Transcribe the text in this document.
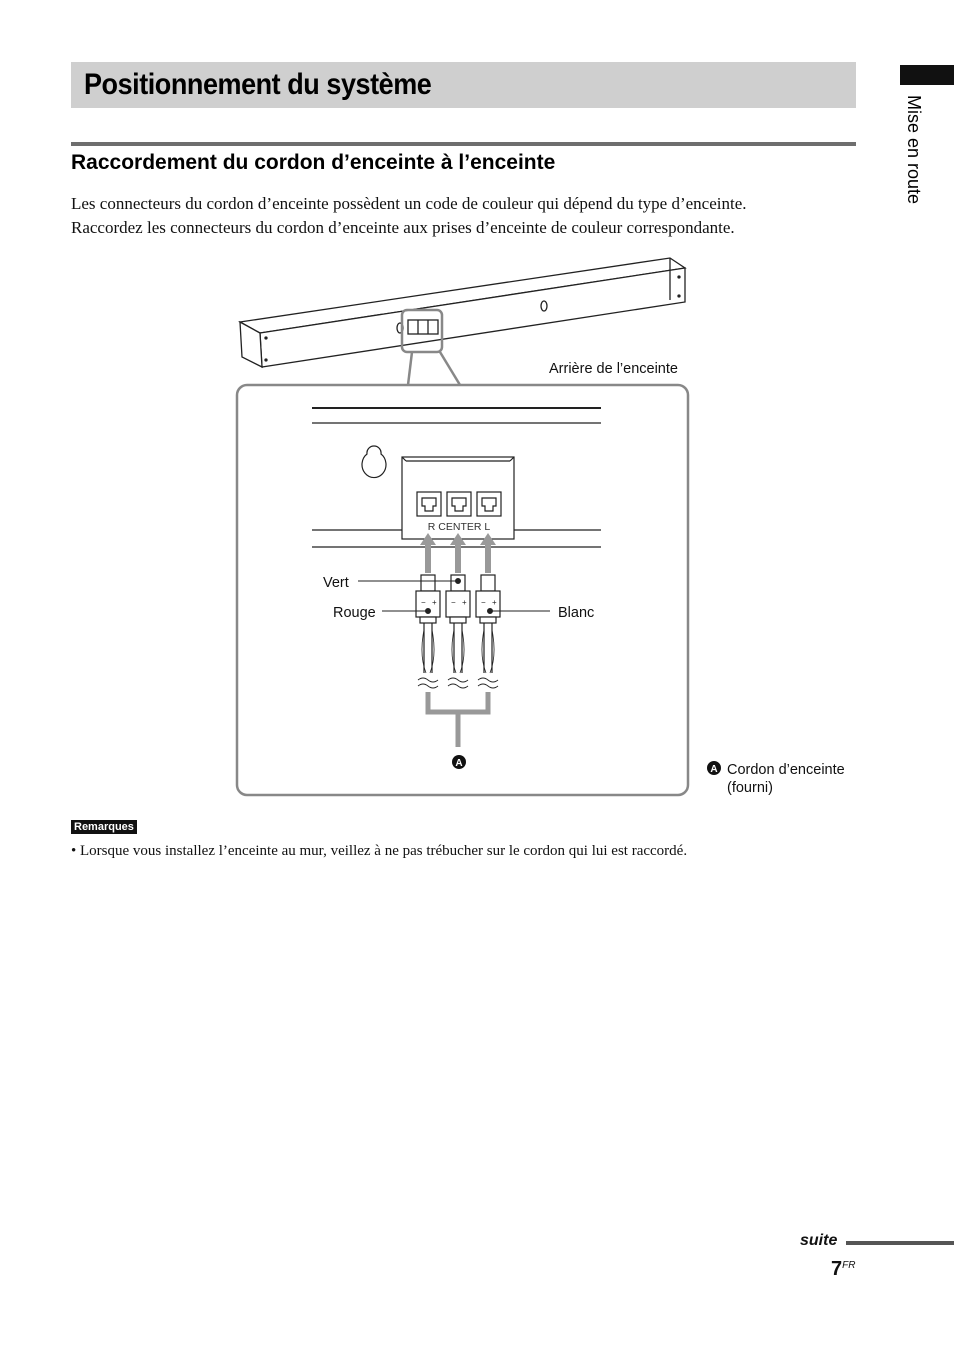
Positionnement du système
Mise en route
Raccordement du cordon d’enceinte à l’enceinte
Les connecteurs du cordon d’enceinte possèdent un code de couleur qui dépend du type d’enceinte.
Raccordez les connecteurs du cordon d’enceinte aux prises d’enceinte de couleur correspondante.
R CENTER L
− + − + − +
Arrière de l’enceinte
Vert
Rouge	Blanc
A
A Cordon d’enceinte
(fourni)
Remarques

• Lorsque vous installez l’enceinte au mur, veillez à ne pas trébucher sur le cordon qui lui est raccordé.

suite
$7^{FR}$
